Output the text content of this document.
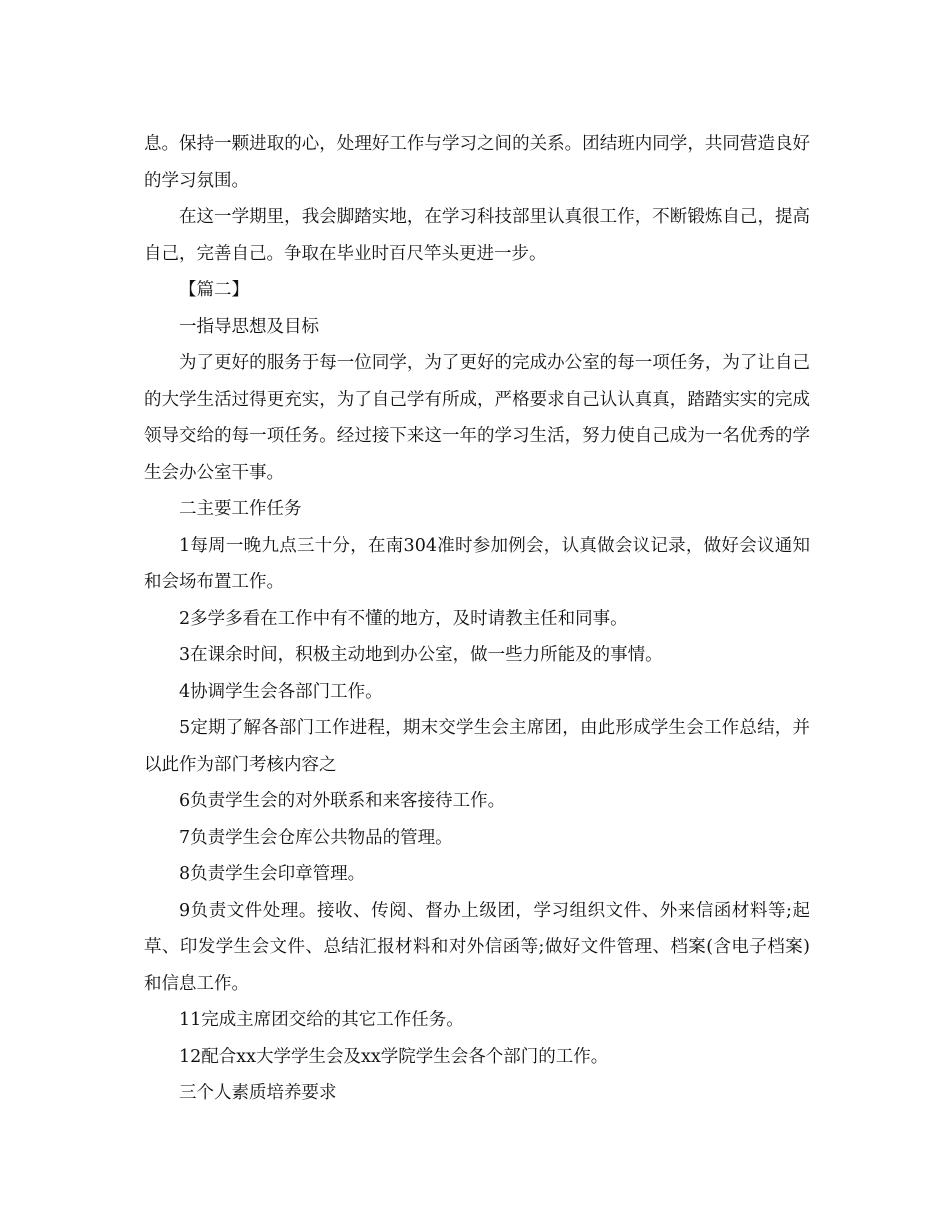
息。保持一颗进取的心，处理好工作与学习之间的关系。团结班内同学，共同营造良好的学习氛围。

在这一学期里，我会脚踏实地，在学习科技部里认真很工作，不断锻炼自己，提高自己，完善自己。争取在毕业时百尺竿头更进一步。

【篇二】

一指导思想及目标

为了更好的服务于每一位同学，为了更好的完成办公室的每一项任务，为了让自己的大学生活过得更充实，为了自己学有所成，严格要求自己认认真真，踏踏实实的完成领导交给的每一项任务。经过接下来这一年的学习生活，努力使自己成为一名优秀的学生会办公室干事。

二主要工作任务

1每周一晚九点三十分，在南304准时参加例会，认真做会议记录，做好会议通知和会场布置工作。

2多学多看在工作中有不懂的地方，及时请教主任和同事。

3在课余时间，积极主动地到办公室，做一些力所能及的事情。

4协调学生会各部门工作。

5定期了解各部门工作进程，期末交学生会主席团，由此形成学生会工作总结，并以此作为部门考核内容之

6负责学生会的对外联系和来客接待工作。

7负责学生会仓库公共物品的管理。

8负责学生会印章管理。

9负责文件处理。接收、传阅、督办上级团，学习组织文件、外来信函材料等;起草、印发学生会文件、总结汇报材料和对外信函等;做好文件管理、档案(含电子档案)和信息工作。

11完成主席团交给的其它工作任务。

12配合xx大学学生会及xx学院学生会各个部门的工作。

三个人素质培养要求
